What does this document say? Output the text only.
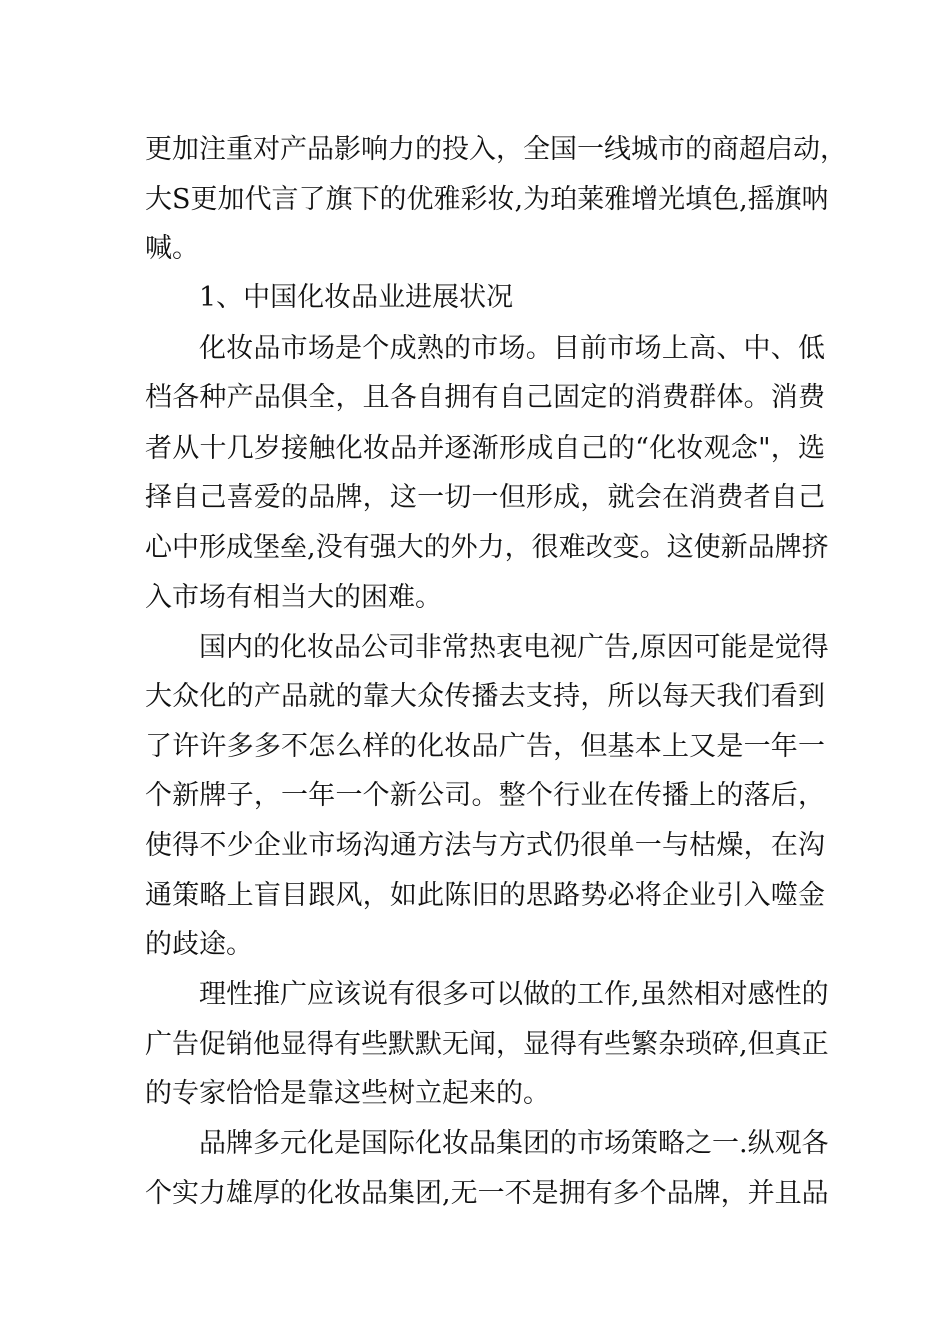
更加注重对产品影响力的投入，全国一线城市的商超启动，
大S更加代言了旗下的优雅彩妆,为珀莱雅增光填色,摇旗呐
喊。
1、中国化妆品业进展状况
化妆品市场是个成熟的市场。目前市场上高、中、低
档各种产品俱全，且各自拥有自己固定的消费群体。消费
者从十几岁接触化妆品并逐渐形成自己的“化妆观念"，选
择自己喜爱的品牌，这一切一但形成，就会在消费者自己
心中形成堡垒,没有强大的外力，很难改变。这使新品牌挤
入市场有相当大的困难。
国内的化妆品公司非常热衷电视广告,原因可能是觉得
大众化的产品就的靠大众传播去支持，所以每天我们看到
了许许多多不怎么样的化妆品广告，但基本上又是一年一
个新牌子，一年一个新公司。整个行业在传播上的落后，
使得不少企业市场沟通方法与方式仍很单一与枯燥，在沟
通策略上盲目跟风，如此陈旧的思路势必将企业引入噬金
的歧途。
理性推广应该说有很多可以做的工作,虽然相对感性的
广告促销他显得有些默默无闻，显得有些繁杂琐碎,但真正
的专家恰恰是靠这些树立起来的。
品牌多元化是国际化妆品集团的市场策略之一.纵观各
个实力雄厚的化妆品集团,无一不是拥有多个品牌，并且品
